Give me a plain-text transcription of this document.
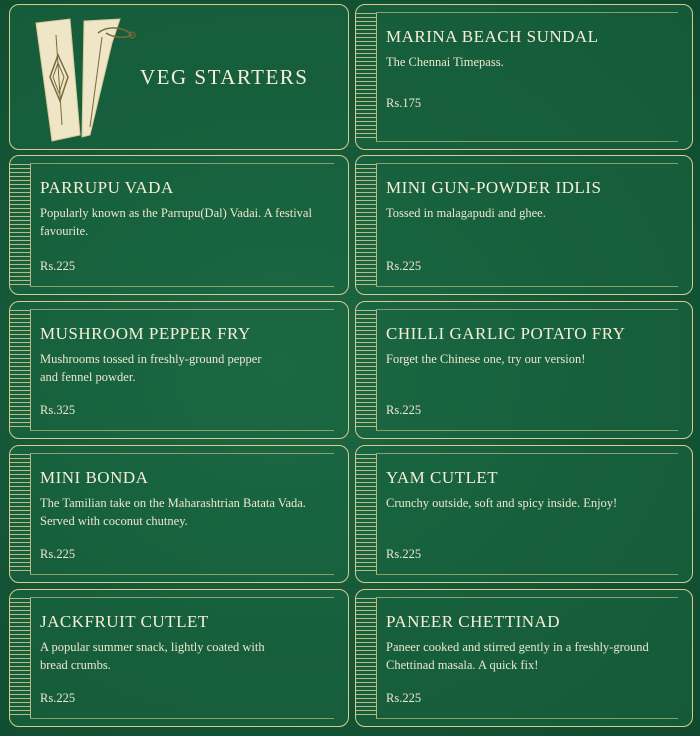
VEG STARTERS
MARINA BEACH SUNDAL
The Chennai Timepass.
Rs.175
PARRUPU VADA
Popularly known as the Parrupu(Dal) Vadai. A festival favourite.
Rs.225
MINI GUN-POWDER IDLIS
Tossed in malagapudi and ghee.
Rs.225
MUSHROOM PEPPER FRY
Mushrooms tossed in freshly-ground pepper and fennel powder.
Rs.325
CHILLI GARLIC POTATO FRY
Forget the Chinese one, try our version!
Rs.225
MINI BONDA
The Tamilian take on the Maharashtrian Batata Vada. Served with coconut chutney.
Rs.225
YAM CUTLET
Crunchy outside, soft and spicy inside. Enjoy!
Rs.225
JACKFRUIT CUTLET
A popular summer snack, lightly coated with bread crumbs.
Rs.225
PANEER CHETTINAD
Paneer cooked and stirred gently in a freshly-ground Chettinad masala. A quick fix!
Rs.225
